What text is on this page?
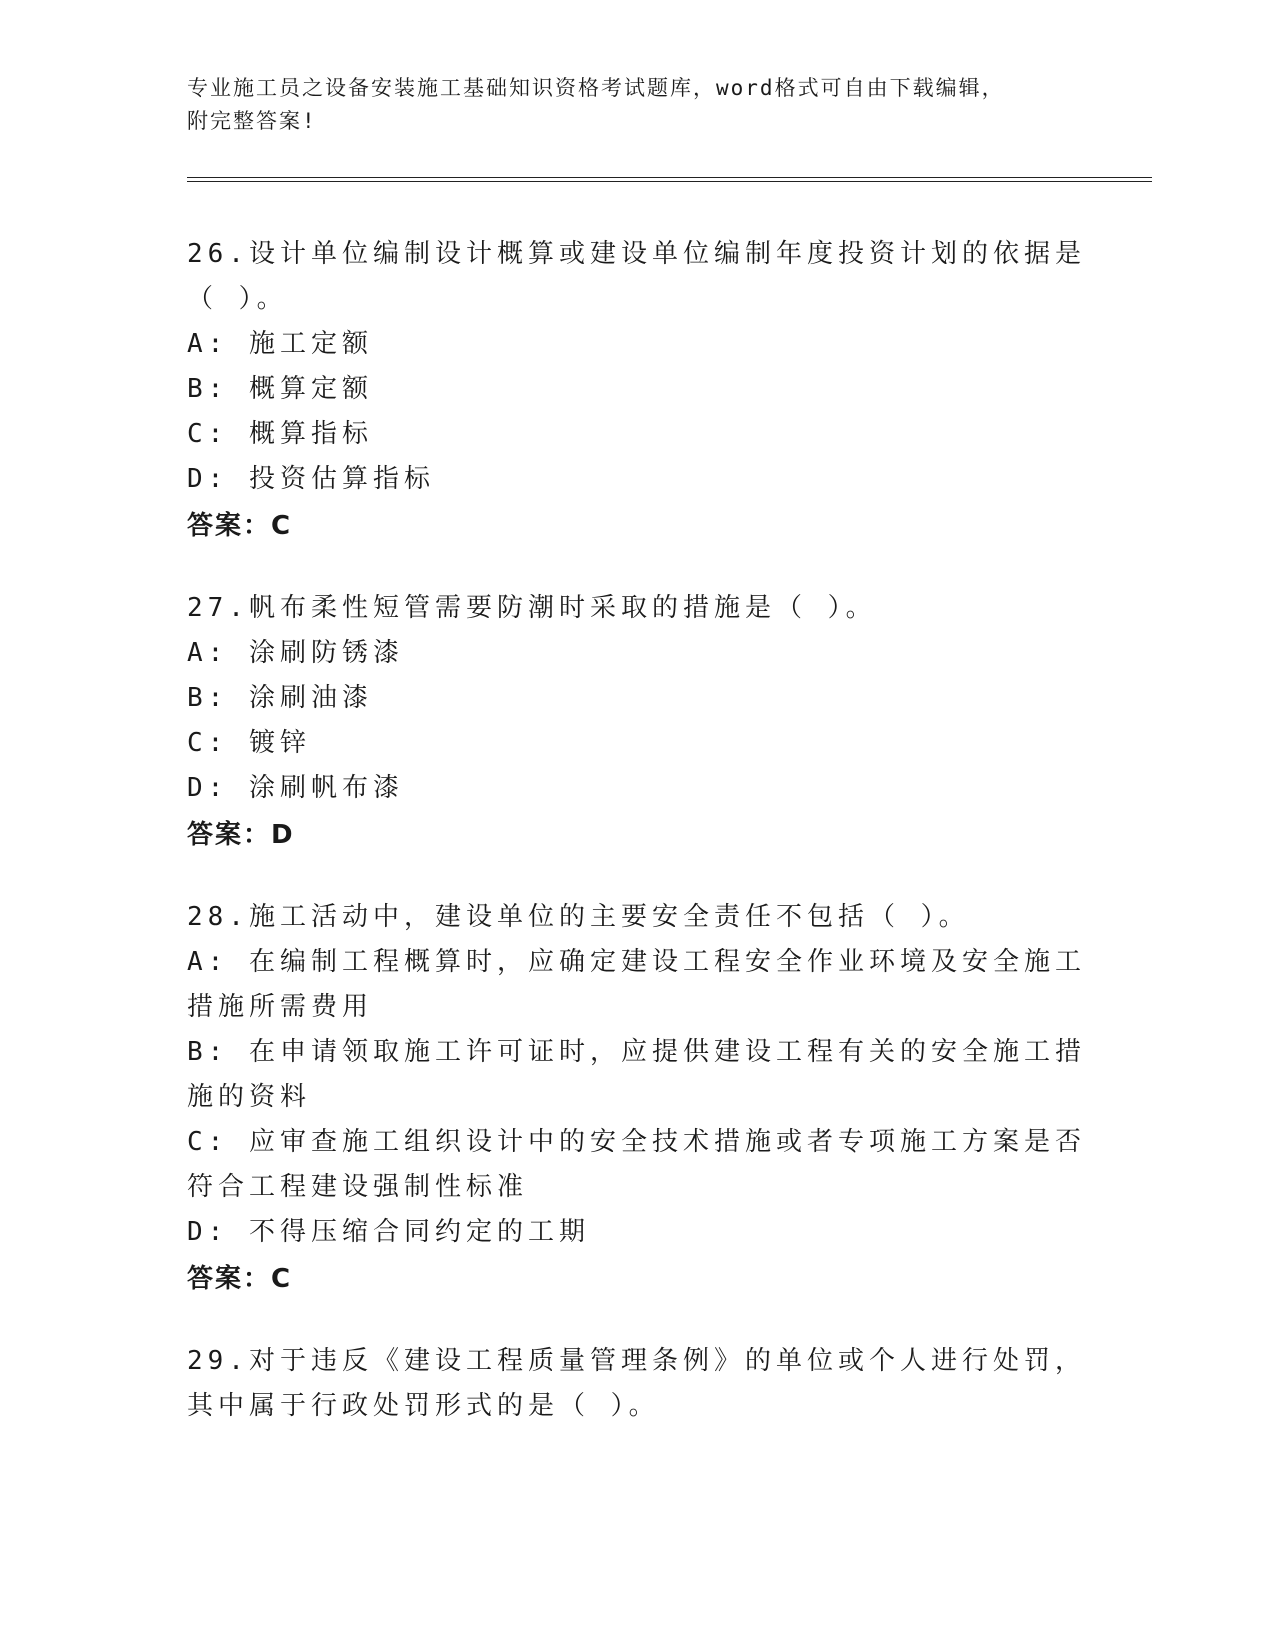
专业施工员之设备安装施工基础知识资格考试题库，word格式可自由下载编辑，
附完整答案!

26.设计单位编制设计概算或建设单位编制年度投资计划的依据是（ ）。

A: 施工定额

B: 概算定额

C: 概算指标

D: 投资估算指标

答案：C

27.帆布柔性短管需要防潮时采取的措施是（ ）。

A: 涂刷防锈漆

B: 涂刷油漆

C: 镀锌

D: 涂刷帆布漆

答案：D

28.施工活动中，建设单位的主要安全责任不包括（ ）。

A: 在编制工程概算时，应确定建设工程安全作业环境及安全施工措施所需费用

B: 在申请领取施工许可证时，应提供建设工程有关的安全施工措施的资料

C: 应审查施工组织设计中的安全技术措施或者专项施工方案是否符合工程建设强制性标准

D: 不得压缩合同约定的工期

答案：C

29.对于违反《建设工程质量管理条例》的单位或个人进行处罚，其中属于行政处罚形式的是（ ）。
